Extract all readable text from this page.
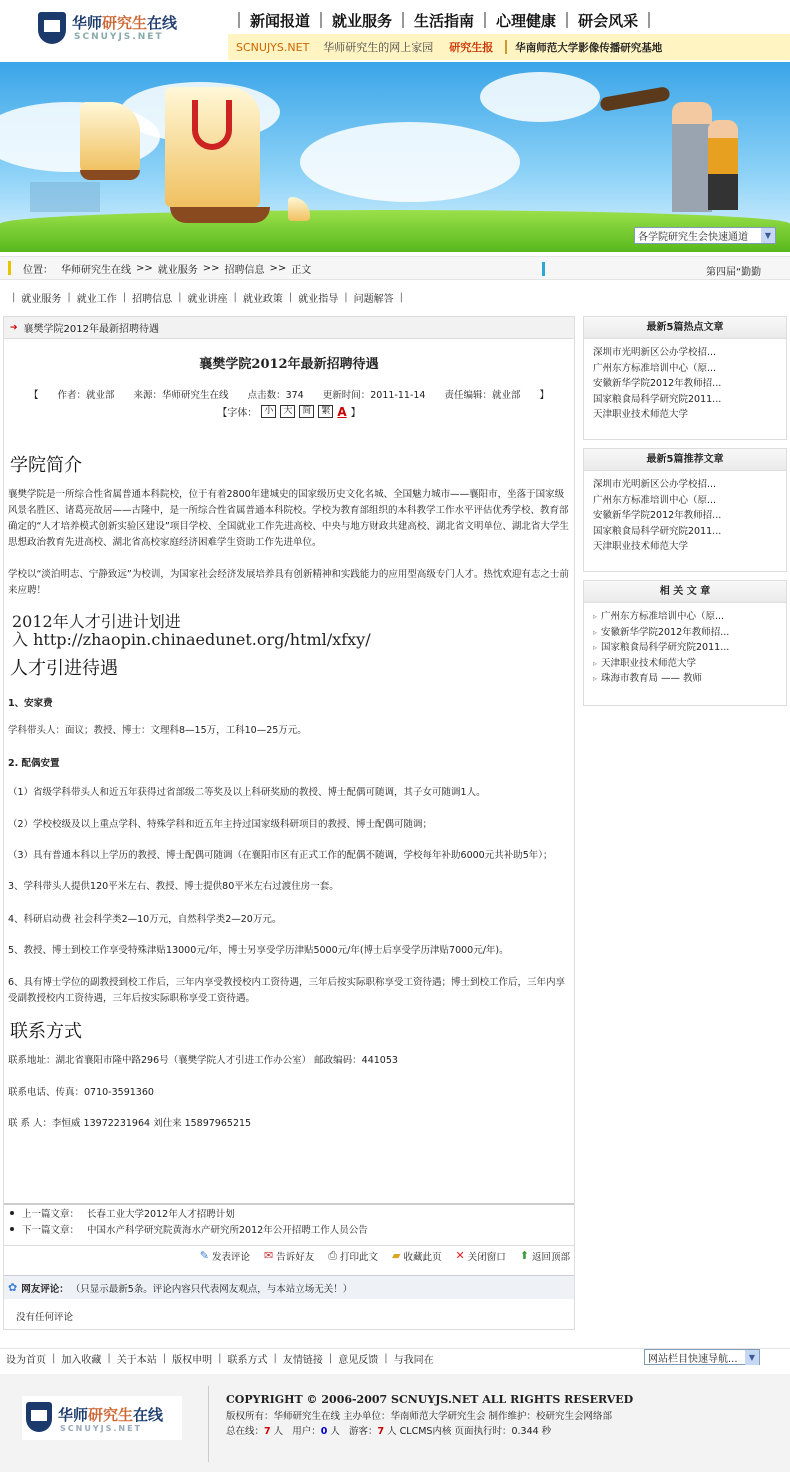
华师研究生在线
SCNUYJS.NET
新闻报道 就业服务 生活指南 心理健康 研会风采
SCNUJYS.NET 华师研究生的网上家园 研究生报 华南师范大学影像传播研究基地
各学院研究生会快速通道	▼
位置： 华师研究生在线 >> 就业服务 >> 招聘信息 >> 正文	第四届“勤勤
| 就业服务 | 就业工作 | 招聘信息 | 就业讲座 | 就业政策 | 就业指导 | 问题解答 |
➔ 襄樊学院2012年最新招聘待遇
襄樊学院2012年最新招聘待遇
【 作者：就业部 来源：华师研究生在线 点击数：374 更新时间：2011-11-14 责任编辑：就业部 】
【字体： 小	大	简	繁 A 】
学院简介
襄樊学院是一所综合性省属普通本科院校，位于有着2800年建城史的国家级历史文化名城、全国魅力城市——襄阳市，坐落于国家级风景名胜区、诸葛亮故居——古隆中，是一所综合性省属普通本科院校。学校为教育部组织的本科教学工作水平评估优秀学校、教育部确定的“人才培养模式创新实验区建设”项目学校、全国就业工作先进高校、中央与地方财政共建高校、湖北省文明单位、湖北省大学生思想政治教育先进高校、湖北省高校家庭经济困难学生资助工作先进单位。
学校以“淡泊明志、宁静致远”为校训，为国家社会经济发展培养具有创新精神和实践能力的应用型高级专门人才。热忱欢迎有志之士前来应聘！
2012年人才引进计划进
入 http://zhaopin.chinaedunet.org/html/xfxy/
人才引进待遇
1、安家费
学科带头人：面议；教授、博士：文理科8—15万，工科10—25万元。
2. 配偶安置
（1）省级学科带头人和近五年获得过省部级二等奖及以上科研奖励的教授、博士配偶可随调，其子女可随调1人。
（2）学校校级及以上重点学科、特殊学科和近五年主持过国家级科研项目的教授、博士配偶可随调；
（3）具有普通本科以上学历的教授、博士配偶可随调（在襄阳市区有正式工作的配偶不随调，学校每年补助6000元共补助5年）；
3、学科带头人提供120平米左右、教授、博士提供80平米左右过渡住房一套。
4、科研启动费 社会科学类2—10万元，自然科学类2—20万元。
5、教授、博士到校工作享受特殊津贴13000元/年，博士另享受学历津贴5000元/年(博士后享受学历津贴7000元/年)。
6、具有博士学位的副教授到校工作后，三年内享受教授校内工资待遇，三年后按实际职称享受工资待遇；博士到校工作后，三年内享受副教授校内工资待遇，三年后按实际职称享受工资待遇。
联系方式
联系地址：湖北省襄阳市隆中路296号（襄樊学院人才引进工作办公室） 邮政编码：441053
联系电话、传真：0710-3591360
联 系 人：李恒威 13972231964 刘仕来 15897965215
上一篇文章： 长春工业大学2012年人才招聘计划
下一篇文章： 中国水产科学研究院黄海水产研究所2012年公开招聘工作人员公告
✎ 发表评论 ✉ 告诉好友 ⎙ 打印此文 ▰ 收藏此页 ✕ 关闭窗口 ⬆ 返回顶部
✿ 网友评论： （只显示最新5条。评论内容只代表网友观点，与本站立场无关！）
没有任何评论
最新5篇热点文章
深圳市光明新区公办学校招...
广州东方标准培训中心（原...
安徽新华学院2012年教师招...
国家粮食局科学研究院2011...
天津职业技术师范大学
最新5篇推荐文章
深圳市光明新区公办学校招...
广州东方标准培训中心（原...
安徽新华学院2012年教师招...
国家粮食局科学研究院2011...
天津职业技术师范大学
相 关 文 章
▹ 广州东方标准培训中心（原...
▹ 安徽新华学院2012年教师招...
▹ 国家粮食局科学研究院2011...
▹ 天津职业技术师范大学
▹ 珠海市教育局 —— 教师
设为首页 | 加入收藏 | 关于本站 | 版权申明 | 联系方式 | 友情链接 | 意见反馈 | 与我同在	网站栏目快速导航...	▼
华师研究生在线
SCNUYJS.NET
COPYRIGHT © 2006-2007 SCNUYJS.NET ALL RIGHTS RESERVED
版权所有：华师研究生在线 主办单位：华南师范大学研究生会 制作维护：校研究生会网络部
总在线：7 人 用户：0 人 游客：7 人 CLCMS内核 页面执行时：0.344 秒
